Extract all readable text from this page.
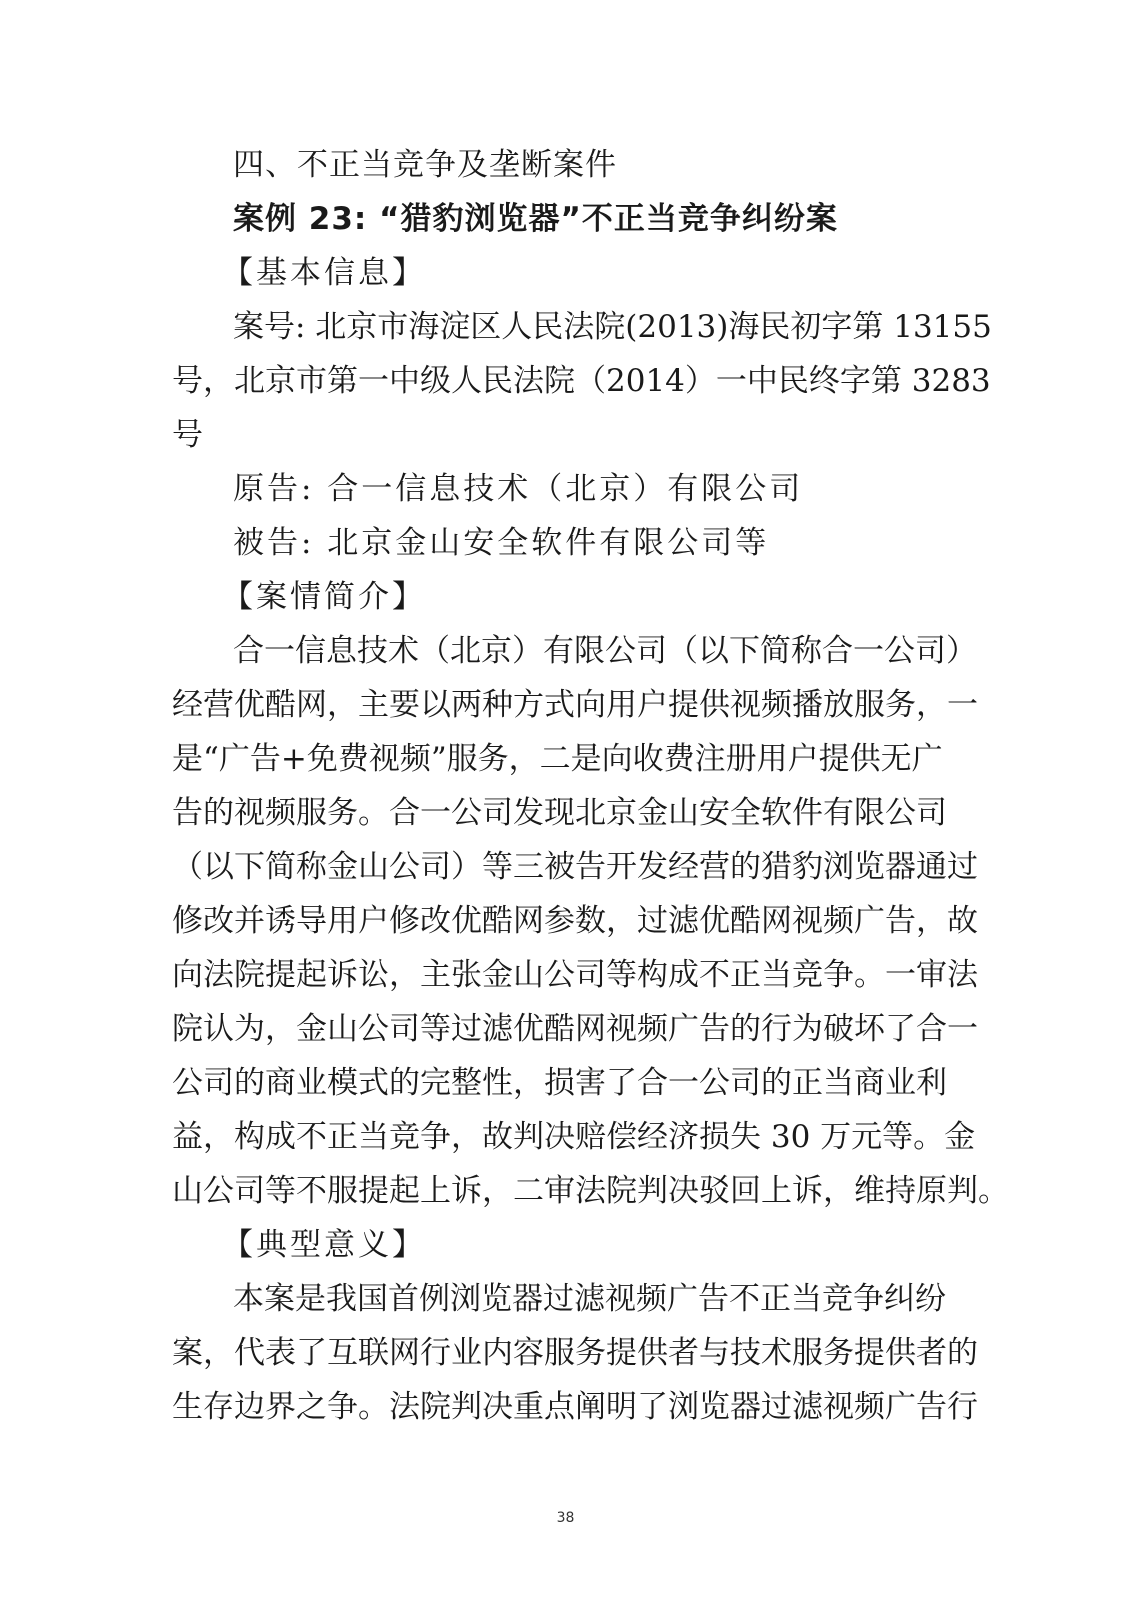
四、不正当竞争及垄断案件
案例 23: “猎豹浏览器”不正当竞争纠纷案
【基本信息】
案号: 北京市海淀区人民法院(2013)海民初字第 13155
号，北京市第一中级人民法院（2014）一中民终字第 3283
号
原告: 合一信息技术（北京）有限公司
被告: 北京金山安全软件有限公司等
【案情简介】
合一信息技术（北京）有限公司（以下简称合一公司）
经营优酷网，主要以两种方式向用户提供视频播放服务，一
是“广告+免费视频”服务，二是向收费注册用户提供无广
告的视频服务。合一公司发现北京金山安全软件有限公司
（以下简称金山公司）等三被告开发经营的猎豹浏览器通过
修改并诱导用户修改优酷网参数，过滤优酷网视频广告，故
向法院提起诉讼，主张金山公司等构成不正当竞争。一审法
院认为，金山公司等过滤优酷网视频广告的行为破坏了合一
公司的商业模式的完整性，损害了合一公司的正当商业利
益，构成不正当竞争，故判决赔偿经济损失 30 万元等。金
山公司等不服提起上诉，二审法院判决驳回上诉，维持原判。
【典型意义】
本案是我国首例浏览器过滤视频广告不正当竞争纠纷
案，代表了互联网行业内容服务提供者与技术服务提供者的
生存边界之争。法院判决重点阐明了浏览器过滤视频广告行
38
